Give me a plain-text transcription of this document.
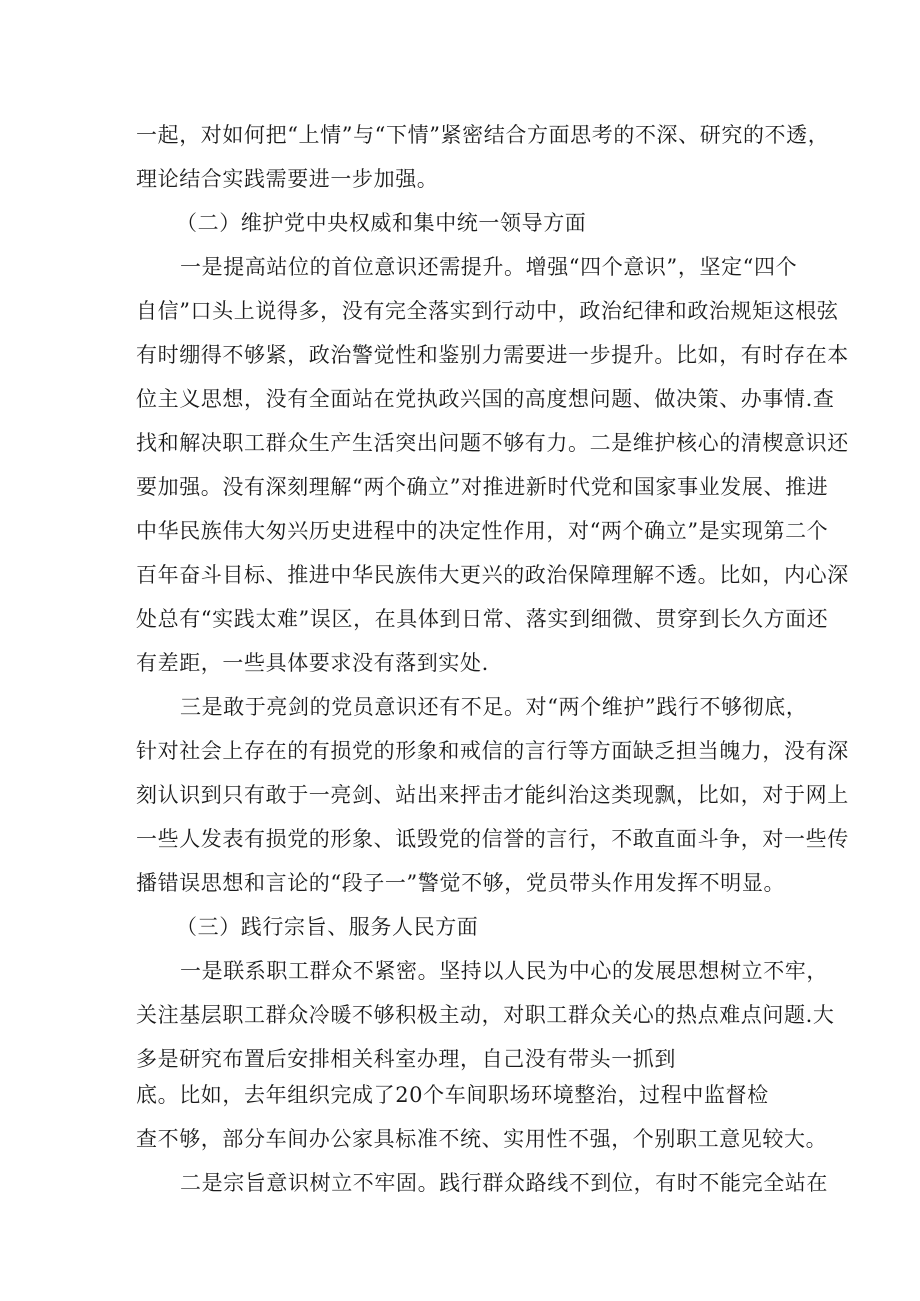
一起，对如何把“上情”与“下情”紧密结合方面思考的不深、研究的不透，

理论结合实践需要进一步加强。

（二）维护党中央权威和集中统一领导方面

一是提高站位的首位意识还需提升。增强“四个意识”，坚定“四个

自信”口头上说得多，没有完全落实到行动中，政治纪律和政治规矩这根弦

有时绷得不够紧，政治警觉性和鉴别力需要进一步提升。比如，有时存在本

位主义思想，没有全面站在党执政兴国的高度想问题、做决策、办事情.查

找和解决职工群众生产生活突出问题不够有力。二是维护核心的清楔意识还

要加强。没有深刻理解“两个确立”对推进新时代党和国家事业发展、推进

中华民族伟大匆兴历史进程中的决定性作用，对“两个确立”是实现第二个

百年奋斗目标、推进中华民族伟大更兴的政治保障理解不透。比如，内心深

处总有“实践太难”误区，在具体到日常、落实到细微、贯穿到长久方面还

有差距，一些具体要求没有落到实处.

三是敢于亮剑的党员意识还有不足。对“两个维护”践行不够彻底，

针对社会上存在的有损党的形象和戒信的言行等方面缺乏担当魄力，没有深

刻认识到只有敢于一亮剑、站出来抨击才能纠治这类现飘，比如，对于网上

一些人发表有损党的形象、诋毁党的信誉的言行，不敢直面斗争，对一些传

播错误思想和言论的“段子一”警觉不够，党员带头作用发挥不明显。

（三）践行宗旨、服务人民方面

一是联系职工群众不紧密。坚持以人民为中心的发展思想树立不牢，

关注基层职工群众冷暖不够积极主动，对职工群众关心的热点难点问题.大

多是研究布置后安排相关科室办理，自己没有带头一抓到

底。比如，去年组织完成了20个车间职场环境整治，过程中监督检

查不够，部分车间办公家具标准不统、实用性不强，个别职工意见较大。

二是宗旨意识树立不牢固。践行群众路线不到位，有时不能完全站在
